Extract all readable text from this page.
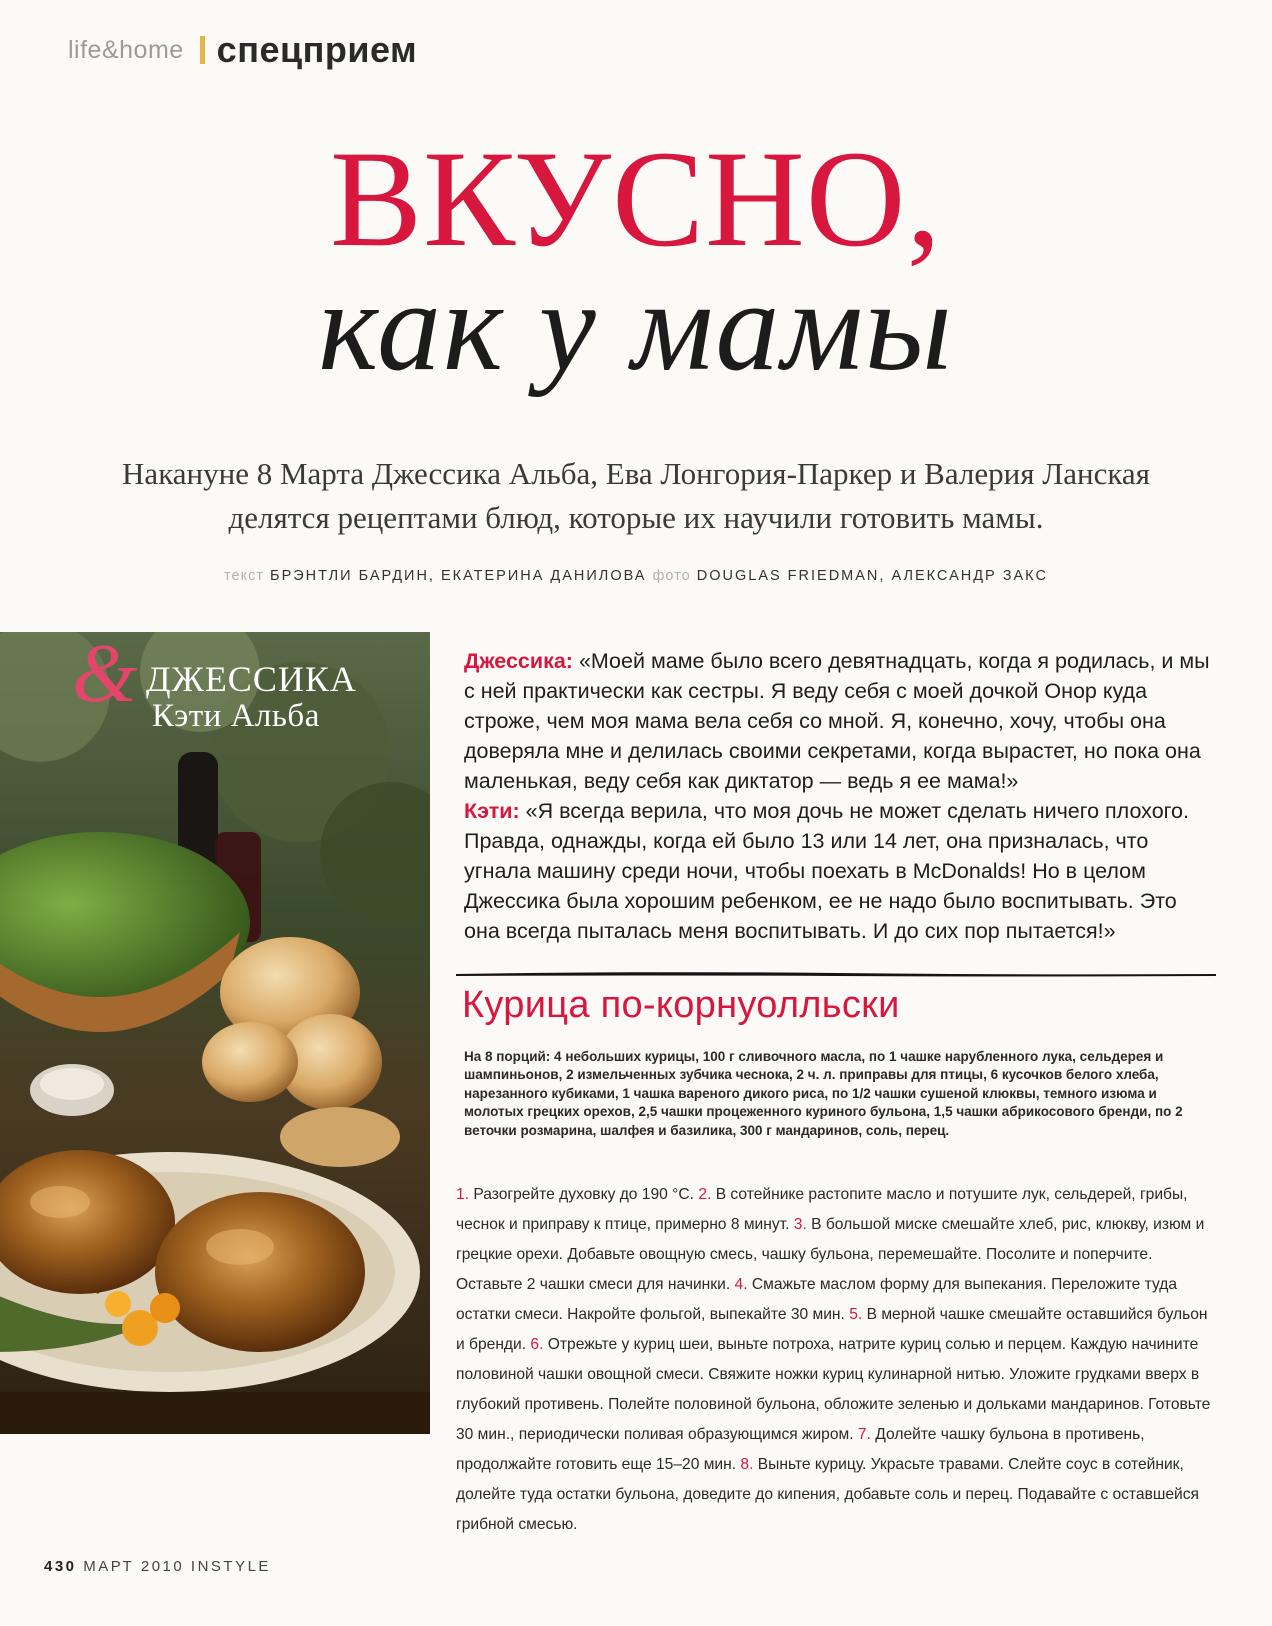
life&home спецприем
ВКУСНО,
как у мамы
Накануне 8 Марта Джессика Альба, Ева Лонгория-Паркер и Валерия Ланская делятся рецептами блюд, которые их научили готовить мамы.
текст БРЭНТЛИ БАРДИН, ЕКАТЕРИНА ДАНИЛОВА фото DOUGLAS FRIEDMAN, АЛЕКСАНДР ЗАКС
& ДЖЕССИКА
Кэти Альба

Джессика: «Моей маме было всего девятнадцать, когда я родилась, и мы с ней практически как сестры. Я веду себя с моей дочкой Онор куда строже, чем моя мама вела себя со мной. Я, конечно, хочу, чтобы она доверяла мне и делилась своими секретами, когда вырастет, но пока она маленькая, веду себя как диктатор — ведь я ее мама!»

Кэти: «Я всегда верила, что моя дочь не может сделать ничего плохого. Правда, однажды, когда ей было 13 или 14 лет, она призналась, что угнала машину среди ночи, чтобы поехать в McDonalds! Но в целом Джессика была хорошим ребенком, ее не надо было воспитывать. Это она всегда пыталась меня воспитывать. И до сих пор пытается!»

Курица по-корнуолльски
На 8 порций: 4 небольших курицы, 100 г сливочного масла, по 1 чашке нарубленного лука, сельдерея и шампиньонов, 2 измельченных зубчика чеснока, 2 ч. л. приправы для птицы, 6 кусочков белого хлеба, нарезанного кубиками, 1 чашка вареного дикого риса, по 1/2 чашки сушеной клюквы, темного изюма и молотых грецких орехов, 2,5 чашки процеженного куриного бульона, 1,5 чашки абрикосового бренди, по 2 веточки розмарина, шалфея и базилика, 300 г мандаринов, соль, перец.
1. Разогрейте духовку до 190 °С. 2. В сотейнике растопите масло и потушите лук, сельдерей, грибы, чеснок и приправу к птице, примерно 8 минут. 3. В большой миске смешайте хлеб, рис, клюкву, изюм и грецкие орехи. Добавьте овощную смесь, чашку бульона, перемешайте. Посолите и поперчите. Оставьте 2 чашки смеси для начинки. 4. Смажьте маслом форму для выпекания. Переложите туда остатки смеси. Накройте фольгой, выпекайте 30 мин. 5. В мерной чашке смешайте оставшийся бульон и бренди. 6. Отрежьте у куриц шеи, выньте потроха, натрите куриц солью и перцем. Каждую начините половиной чашки овощной смеси. Свяжите ножки куриц кулинарной нитью. Уложите грудками вверх в глубокий противень. Полейте половиной бульона, обложите зеленью и дольками мандаринов. Готовьте 30 мин., периодически поливая образующимся жиром. 7. Долейте чашку бульона в противень, продолжайте готовить еще 15–20 мин. 8. Выньте курицу. Украсьте травами. Слейте соус в сотейник, долейте туда остатки бульона, доведите до кипения, добавьте соль и перец. Подавайте с оставшейся грибной смесью.
430 МАРТ 2010 INSTYLE
